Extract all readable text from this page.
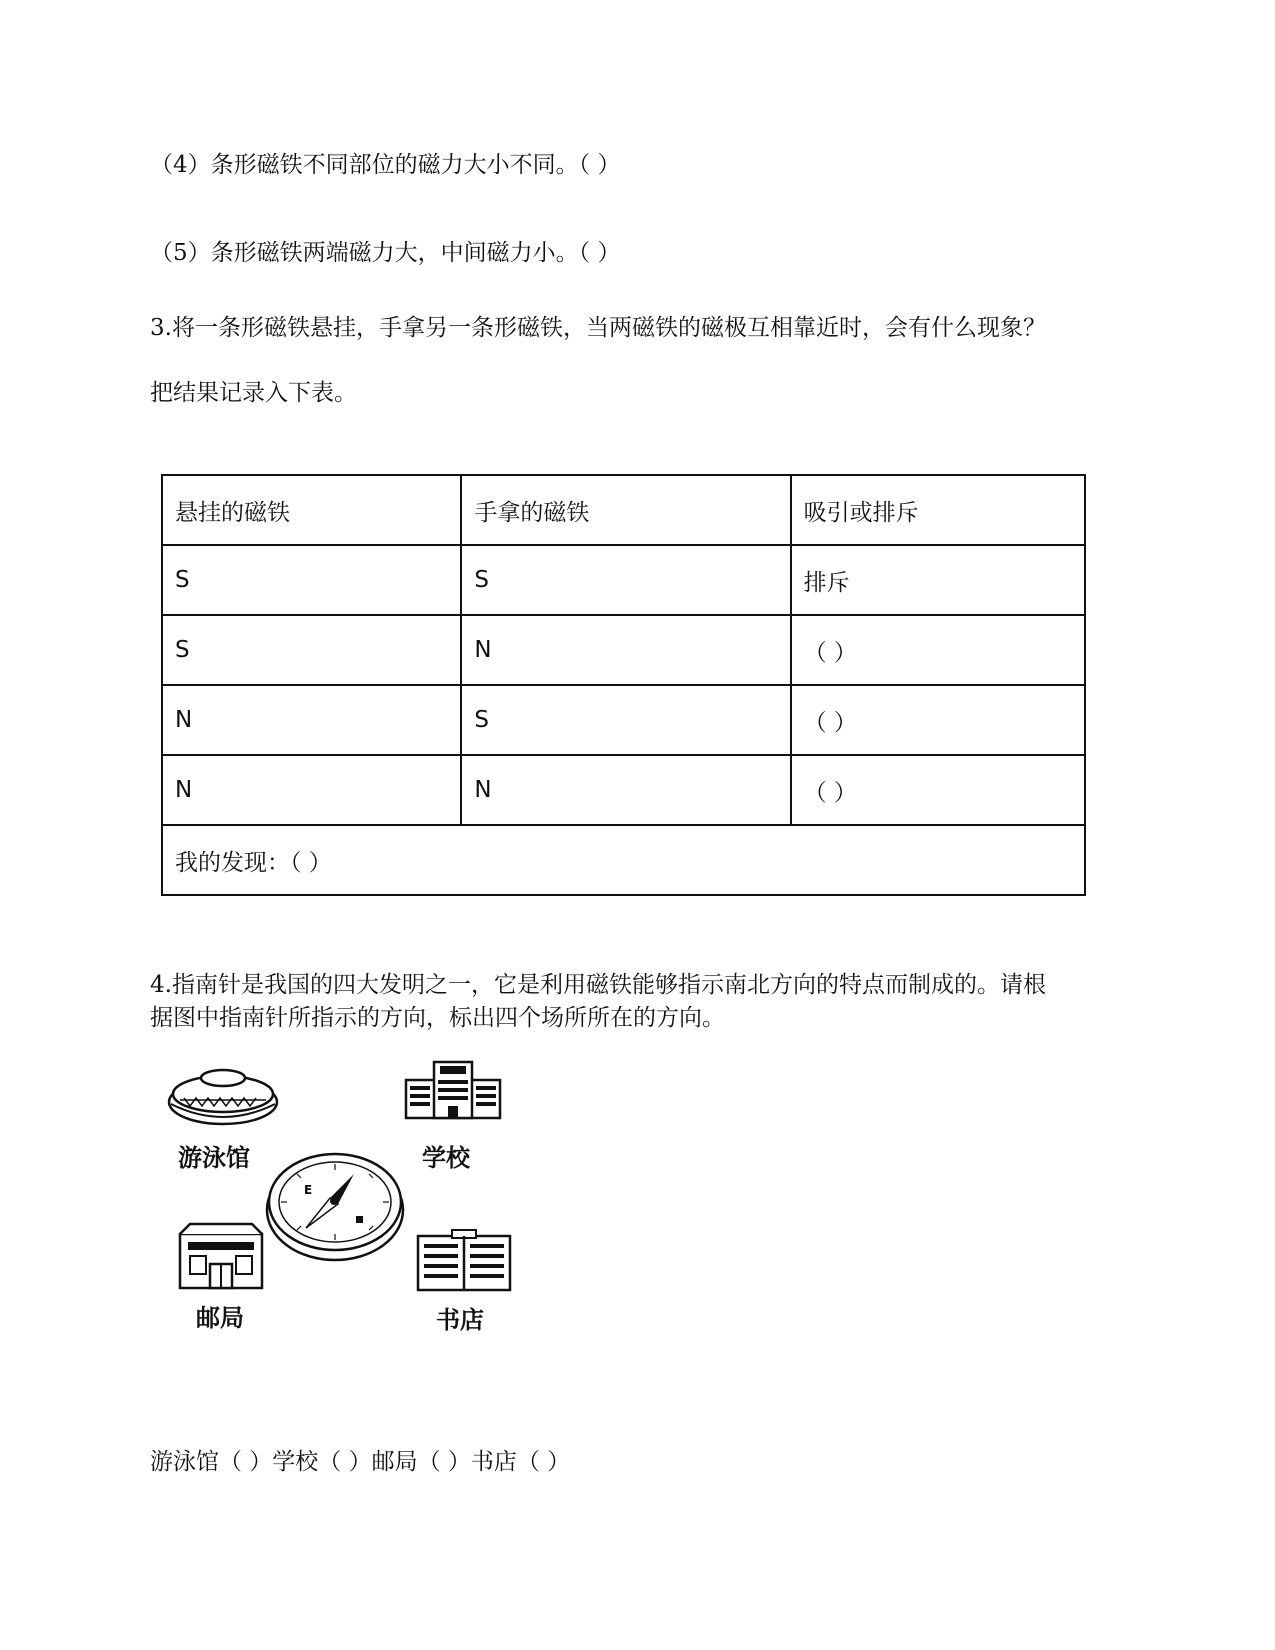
（4）条形磁铁不同部位的磁力大小不同。（ ）
（5）条形磁铁两端磁力大，中间磁力小。（ ）
3.将一条形磁铁悬挂，手拿另一条形磁铁，当两磁铁的磁极互相靠近时，会有什么现象？
把结果记录入下表。
悬挂的磁铁	手拿的磁铁	吸引或排斥
S	S	排斥
S	N	（ ）
N	S	（ ）
N	N	（ ）
我的发现：（ ）		
4.指南针是我国的四大发明之一，它是利用磁铁能够指示南北方向的特点而制成的。请根
据图中指南针所指示的方向，标出四个场所所在的方向。
游泳馆	学校
E
邮局	书店
游泳馆（ ）学校（ ）邮局（ ）书店（ ）
